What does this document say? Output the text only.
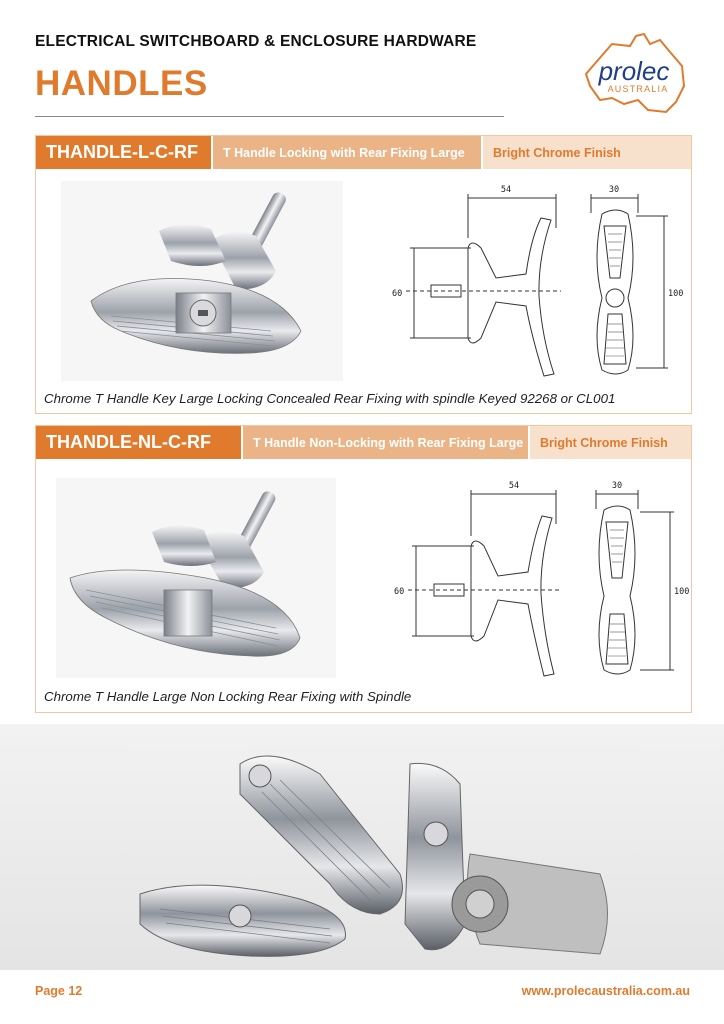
ELECTRICAL SWITCHBOARD & ENCLOSURE HARDWARE
HANDLES	prolec
AUSTRALIA
THANDLE-L-C-RF	T Handle Locking with Rear Fixing Large	Bright Chrome Finish
54	30
60	100
Chrome T Handle Key Large Locking Concealed Rear Fixing with spindle Keyed 92268 or CL001
THANDLE-NL-C-RF	T Handle Non-Locking with Rear Fixing Large	Bright Chrome Finish
54	30
60	100
Chrome T Handle Large Non Locking Rear Fixing with Spindle
Page 12	www.prolecaustralia.com.au
